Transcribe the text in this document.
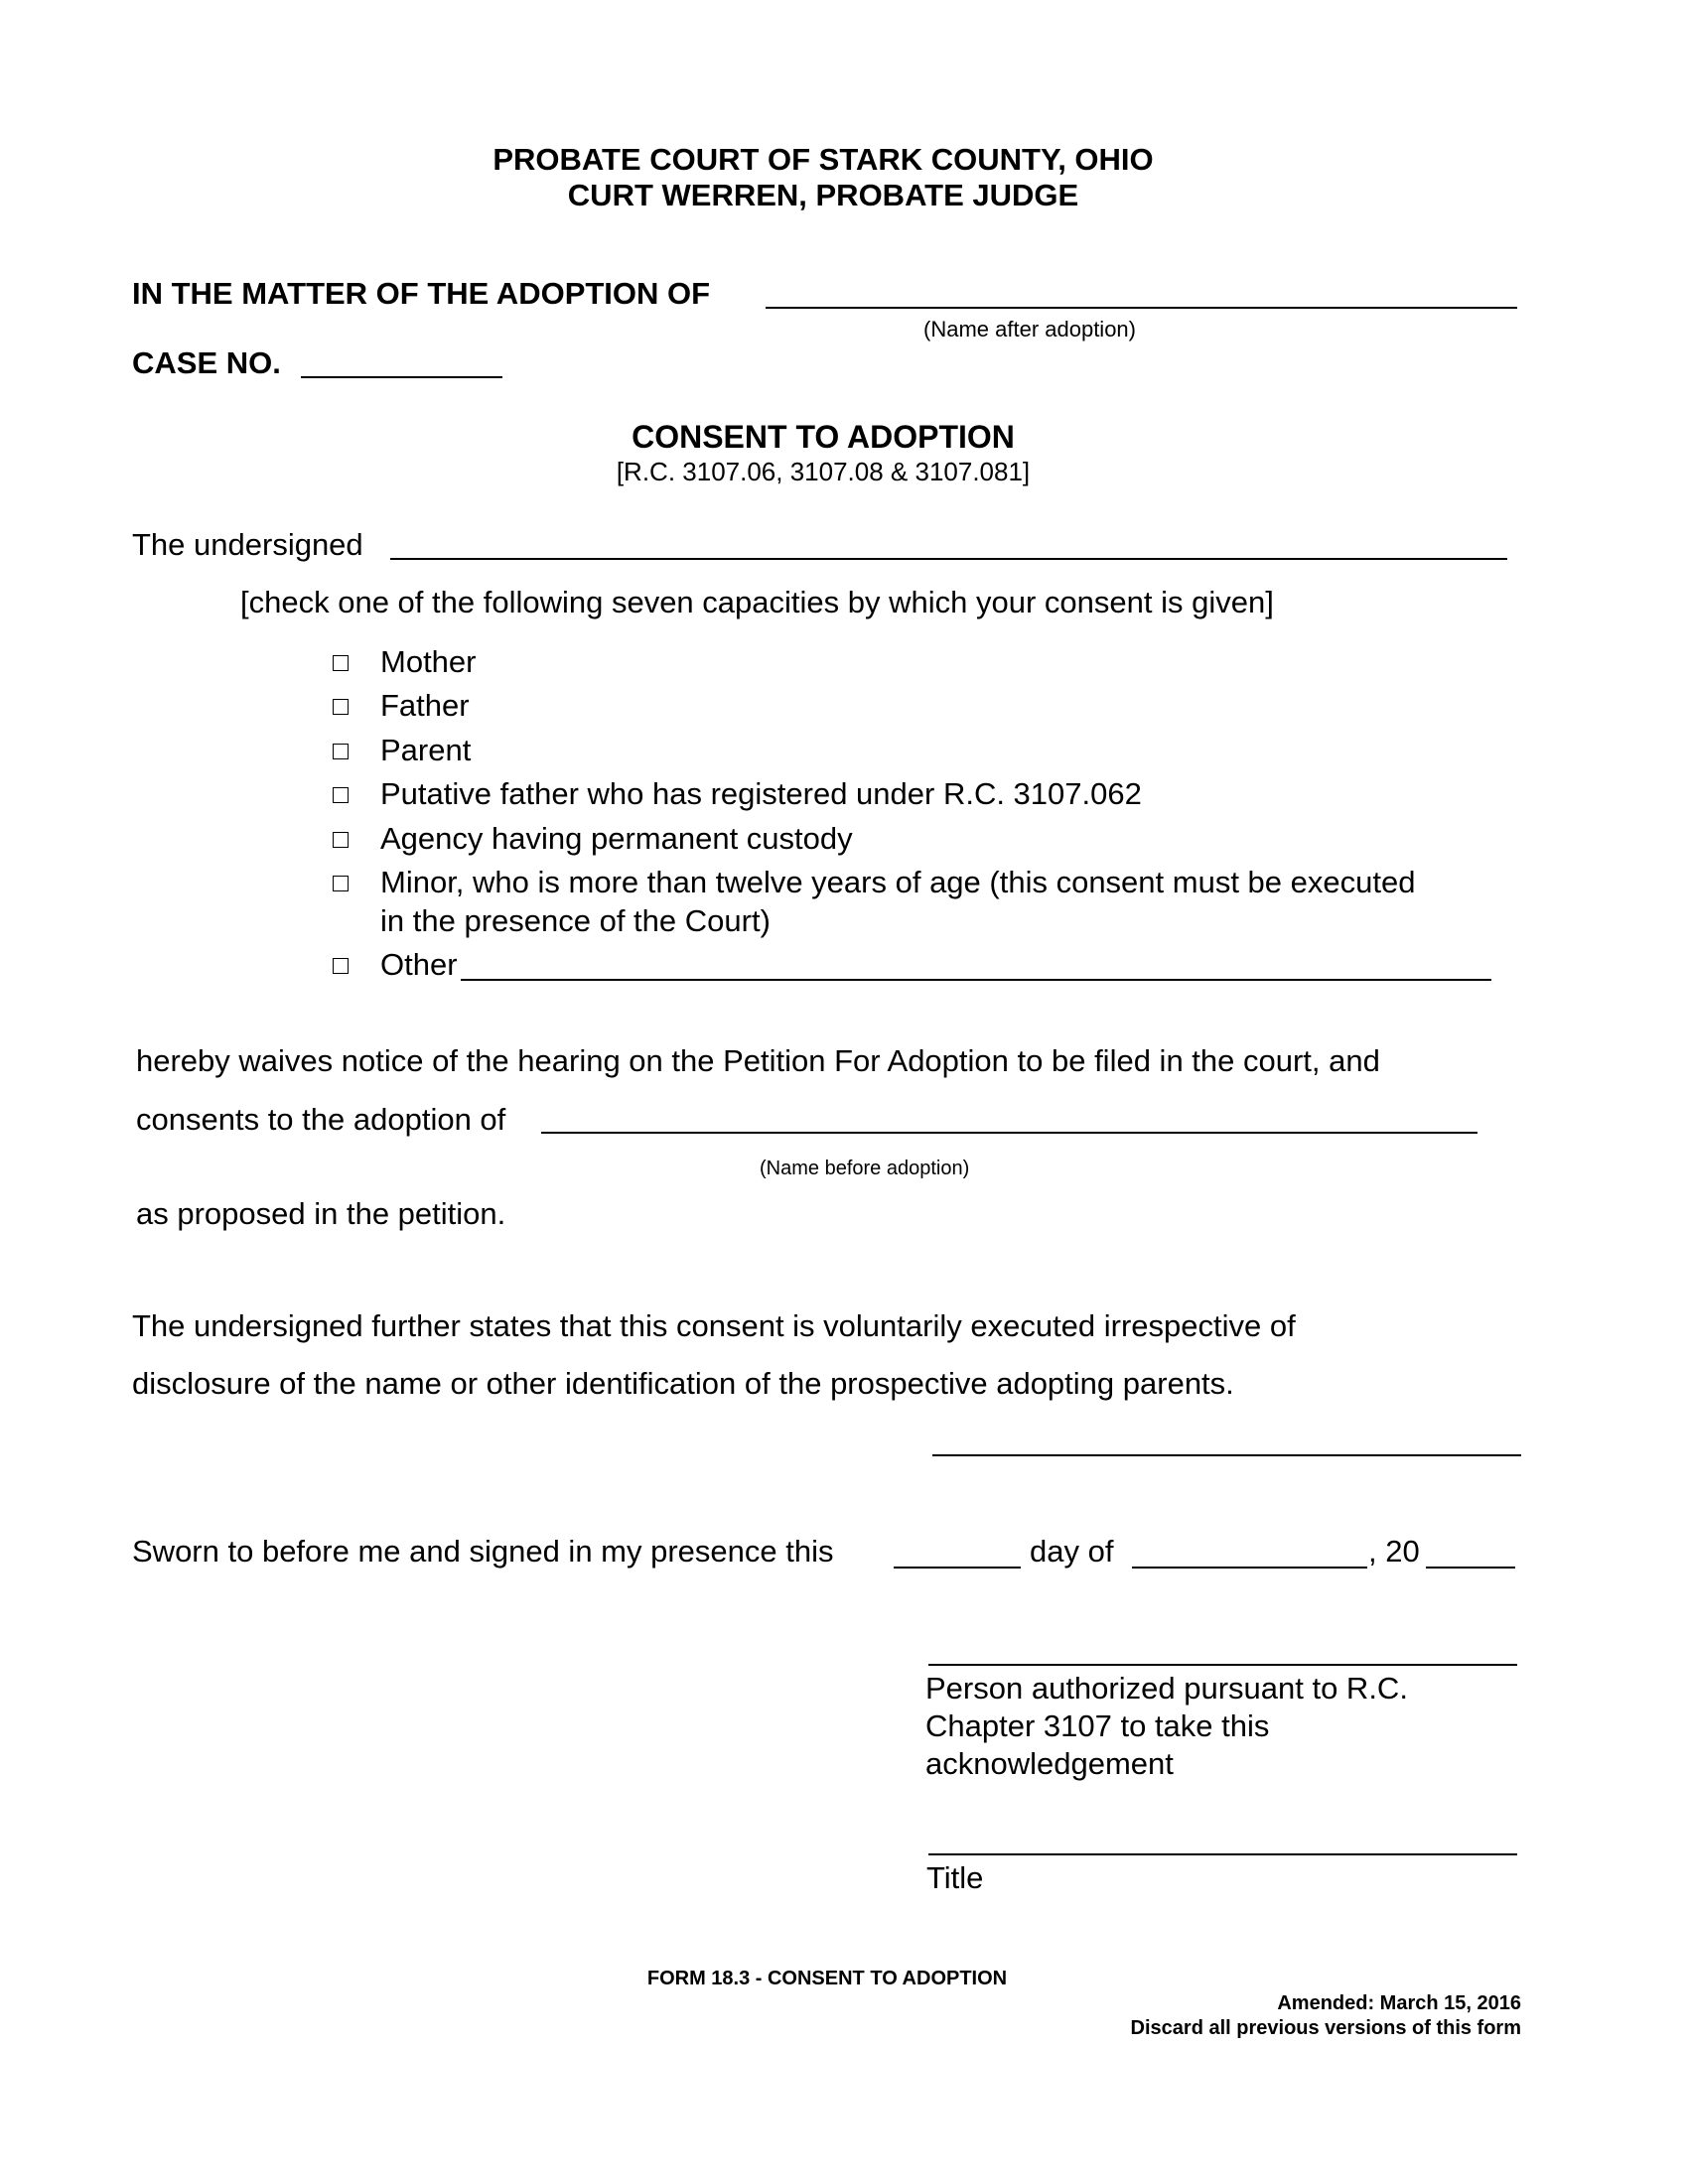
PROBATE COURT OF STARK COUNTY, OHIO
CURT WERREN, PROBATE JUDGE
IN THE MATTER OF THE ADOPTION OF
(Name after adoption)
CASE NO.
CONSENT TO ADOPTION
[R.C. 3107.06, 3107.08 & 3107.081]
The undersigned
[check one of the following seven capacities by which your consent is given]
Mother
Father
Parent
Putative father who has registered under R.C. 3107.062
Agency having permanent custody
Minor, who is more than twelve years of age (this consent must be executed
in the presence of the Court)
Other
hereby waives notice of the hearing on the Petition For Adoption to be filed in the court, and
consents to the adoption of
(Name before adoption)
as proposed in the petition.
The undersigned further states that this consent is voluntarily executed irrespective of
disclosure of the name or other identification of the prospective adopting parents.
Sworn to before me and signed in my presence this	day of	, 20
Person authorized pursuant to R.C.
Chapter 3107 to take this
acknowledgement
Title
FORM 18.3 - CONSENT TO ADOPTION
Amended: March 15, 2016
Discard all previous versions of this form
